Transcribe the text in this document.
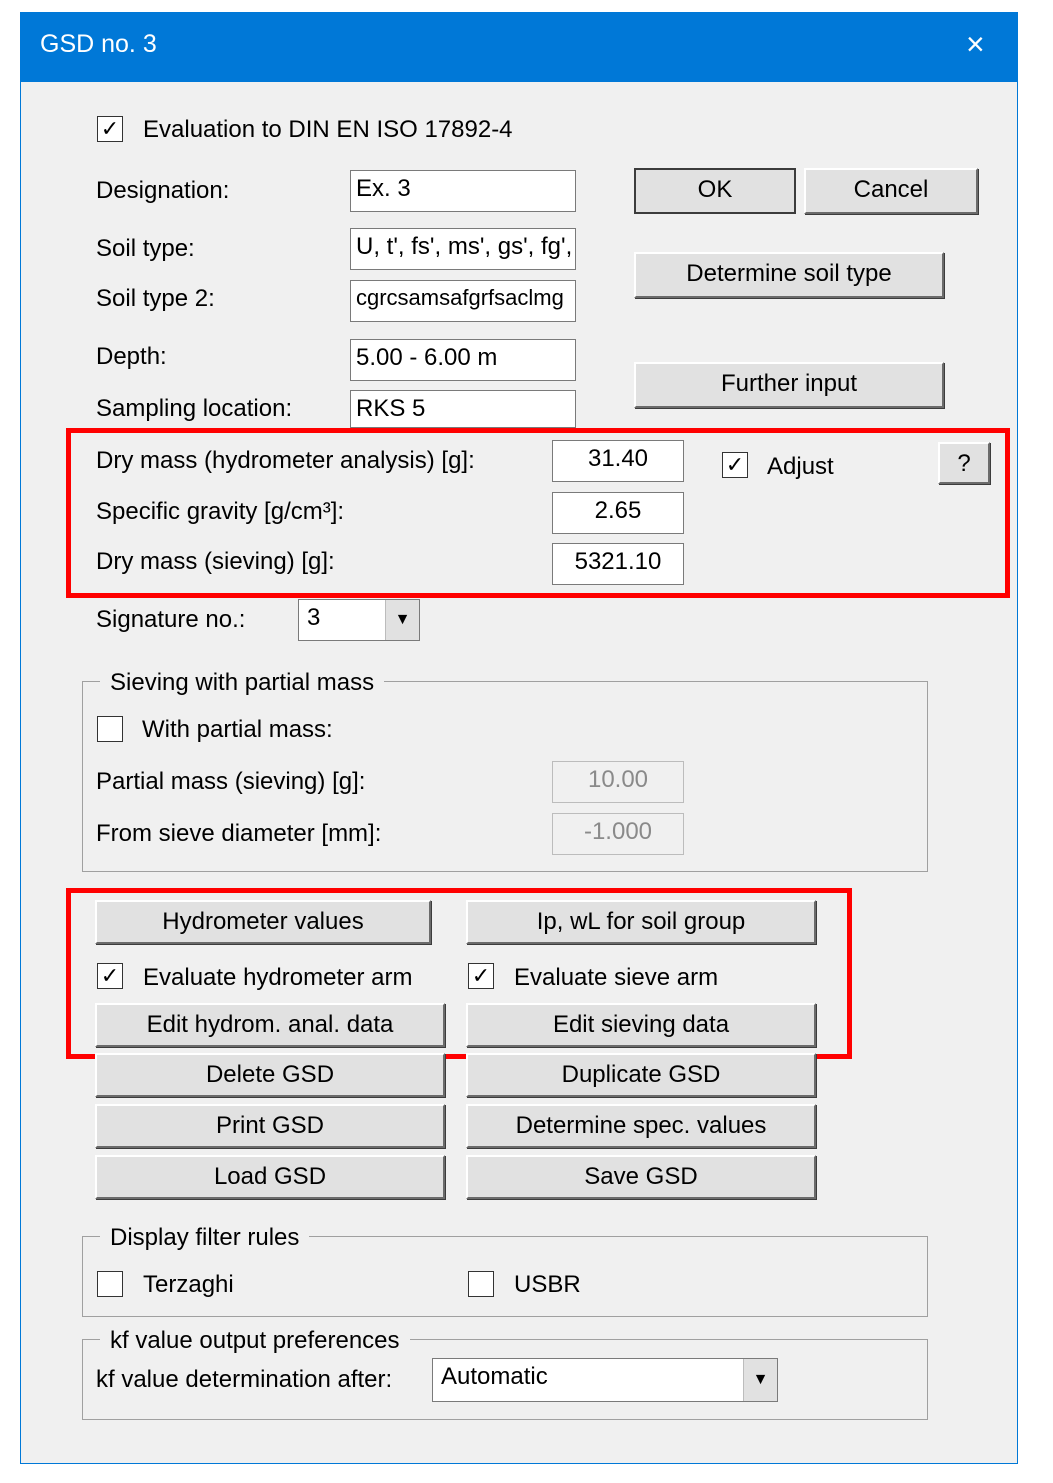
GSD no. 3	×
✓ Evaluation to DIN EN ISO 17892-4
Designation:	Ex. 3
Soil type:	U, t', fs', ms', gs', fg',
Soil type 2:	cgrcsamsafgrfsaclmg
Depth:	5.00 - 6.00 m
Sampling location:	RKS 5
OK	Cancel
Determine soil type
Further input
Dry mass (hydrometer analysis) [g]:	31.40	✓ Adjust	?
Specific gravity [g/cm³]:	2.65
Dry mass (sieving) [g]:	5321.10
Signature no.:	3	▼
Sieving with partial mass
With partial mass:
Partial mass (sieving) [g]:	10.00
From sieve diameter [mm]:	-1.000
Hydrometer values	Ip, wL for soil group
✓ Evaluate hydrometer arm	✓ Evaluate sieve arm
Edit hydrom. anal. data	Edit sieving data
Delete GSD	Duplicate GSD
Print GSD	Determine spec. values
Load GSD	Save GSD
Display filter rules
Terzaghi	USBR
kf value output preferences
kf value determination after:	Automatic	▼
